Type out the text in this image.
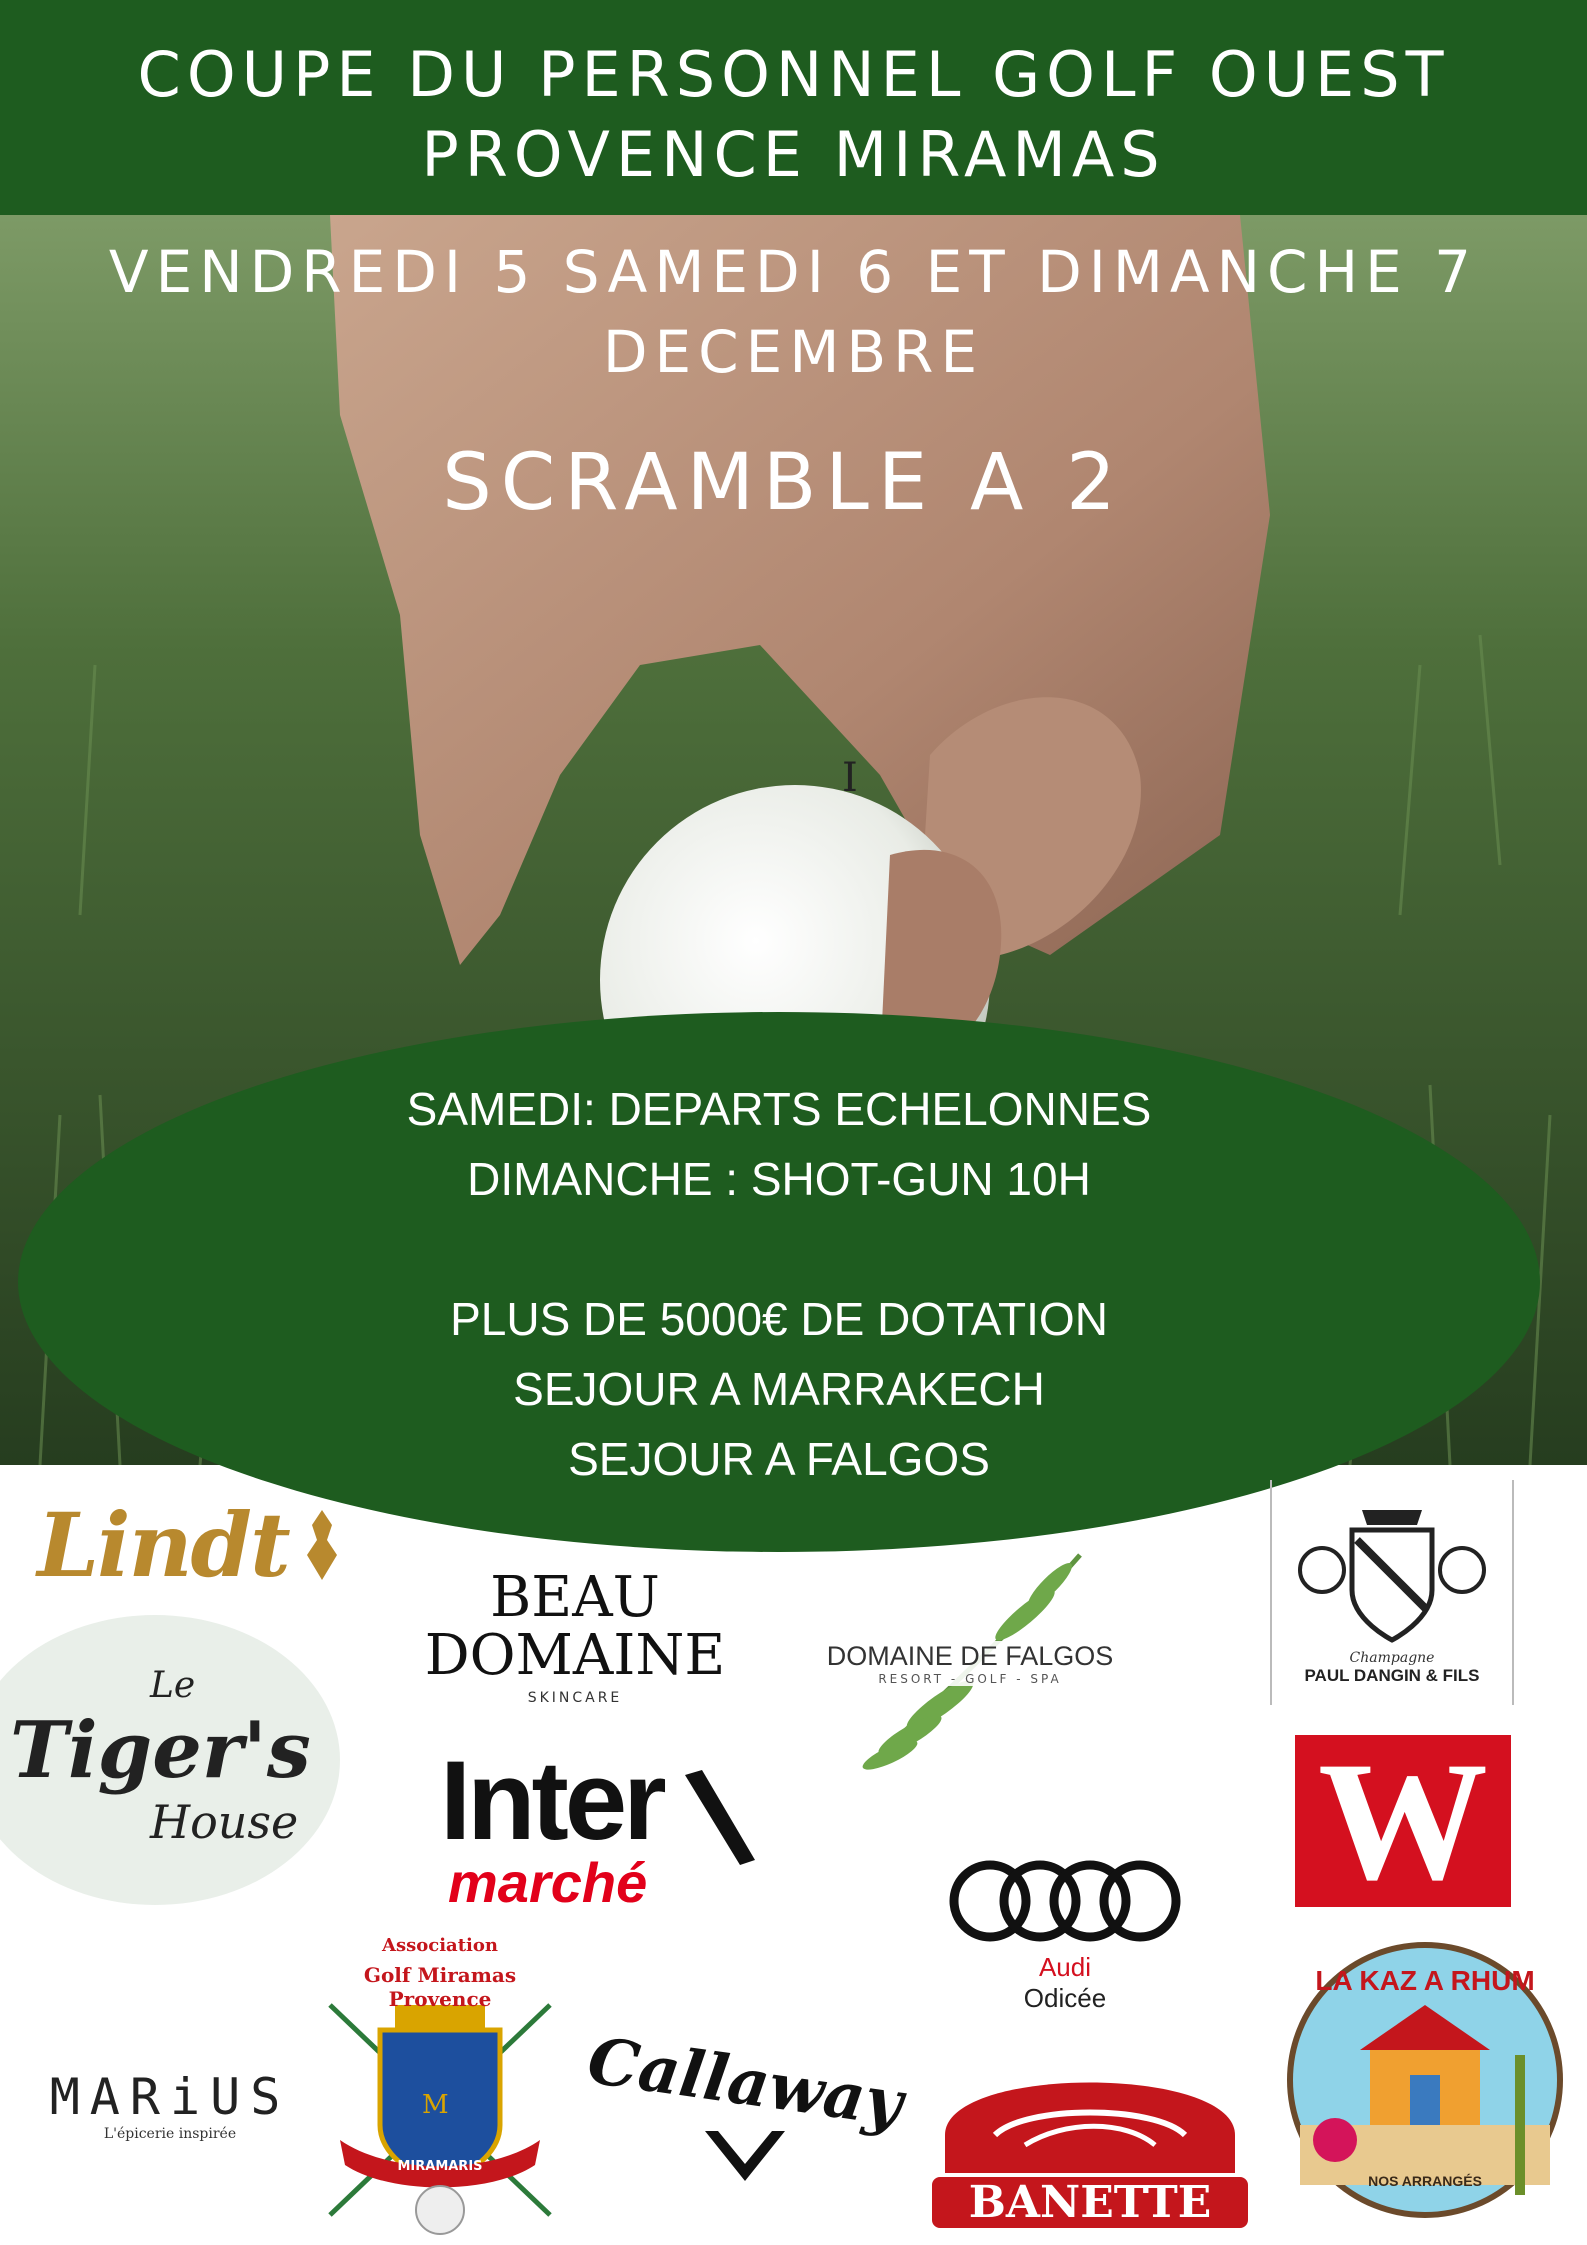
COUPE DU PERSONNEL GOLF OUEST
PROVENCE MIRAMAS
VENDREDI 5 SAMEDI 6 ET DIMANCHE 7
DECEMBRE
SCRAMBLE A 2
I
SAMEDI: DEPARTS ECHELONNES
DIMANCHE : SHOT-GUN 10H
PLUS DE 5000€ DE DOTATION
SEJOUR A MARRAKECH
SEJOUR A FALGOS
Lindt	BEAU
DOMAINE
SKINCARE
DOMAINE DE FALGOS
RESORT - GOLF - SPA
Champagne
PAUL DANGIN & FILS
Le
Tiger's
House Inter
marché	W
Audi
Odicée
Association
Golf Miramas Provence
M
MIRAMARIS
MARiUS
L'épicerie inspirée	Callaway
BANETTE
LA KAZ A RHUM
NOS ARRANGÉS
